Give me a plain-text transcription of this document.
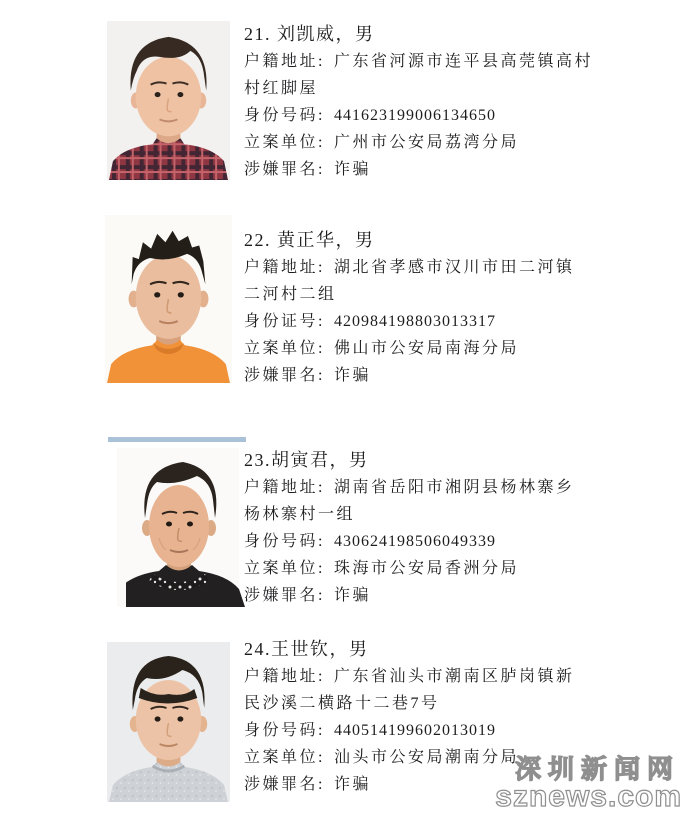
21. 刘凯威，男
户籍地址: 广东省河源市连平县高莞镇高村
村红脚屋
身份号码: 441623199006134650
立案单位: 广州市公安局荔湾分局
涉嫌罪名: 诈骗
22. 黄正华，男
户籍地址: 湖北省孝感市汉川市田二河镇
二河村二组
身份证号: 420984198803013317
立案单位: 佛山市公安局南海分局
涉嫌罪名: 诈骗
23.胡寅君，男
户籍地址: 湖南省岳阳市湘阴县杨林寨乡
杨林寨村一组
身份号码: 430624198506049339
立案单位: 珠海市公安局香洲分局
涉嫌罪名: 诈骗
24.王世钦，男
户籍地址: 广东省汕头市潮南区胪岗镇新
民沙溪二横路十二巷7号
身份号码: 440514199602013019
立案单位: 汕头市公安局潮南分局
涉嫌罪名: 诈骗
深圳新闻网
sznews.com
